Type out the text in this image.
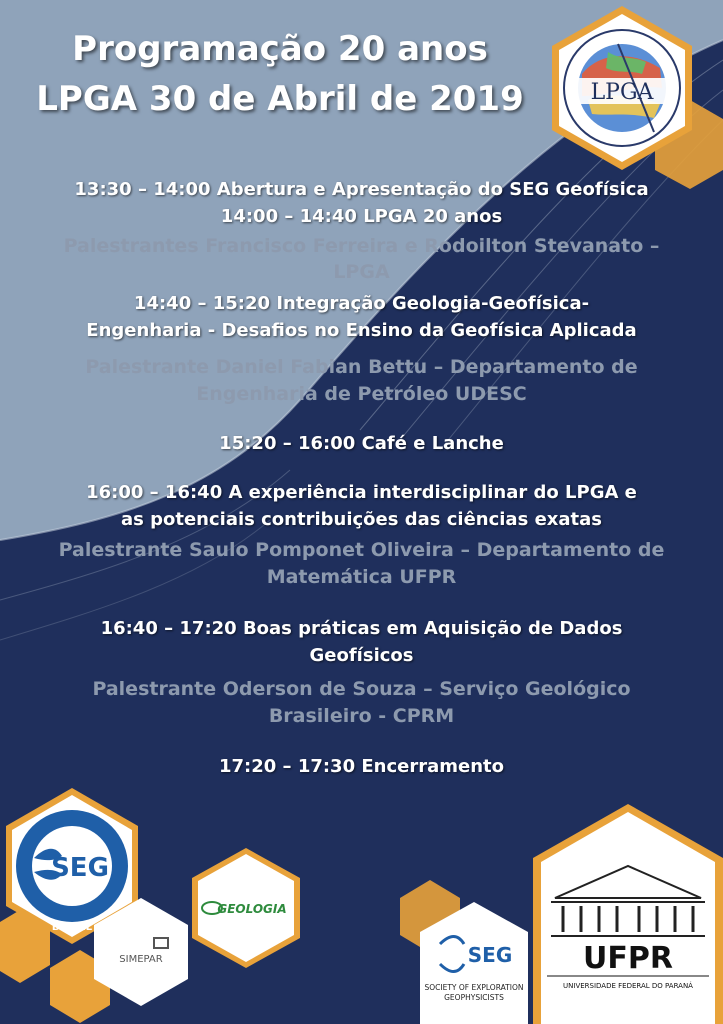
Programação 20 anos
LPGA 30 de Abril de 2019
13:30 – 14:00 Abertura e Apresentação do SEG Geofísica
14:00 – 14:40 LPGA 20 anos
Palestrantes Francisco Ferreira e Rodoilton Stevanato –
LPGA
14:40 – 15:20 Integração Geologia-Geofísica-
Engenharia - Desafios no Ensino da Geofísica Aplicada
Palestrante Daniel Fabian Bettu – Departamento de
Engenharia de Petróleo UDESC
15:20 – 16:00 Café e Lanche
16:00 – 16:40 A experiência interdisciplinar do LPGA e
as potenciais contribuições das ciências exatas
Palestrante Saulo Pomponet Oliveira – Departamento de
Matemática UFPR
16:40 – 17:20 Boas práticas em Aquisição de Dados
Geofísicos
Palestrante Oderson de Souza – Serviço Geológico
Brasileiro - CPRM
17:20 – 17:30 Encerramento
LPGA
SEG
BRASIL
GEOLOGIA
SIMEPAR	SEG
SOCIETY OF EXPLORATION
GEOPHYSICISTS
UFPR
UNIVERSIDADE FEDERAL DO PARANÁ
